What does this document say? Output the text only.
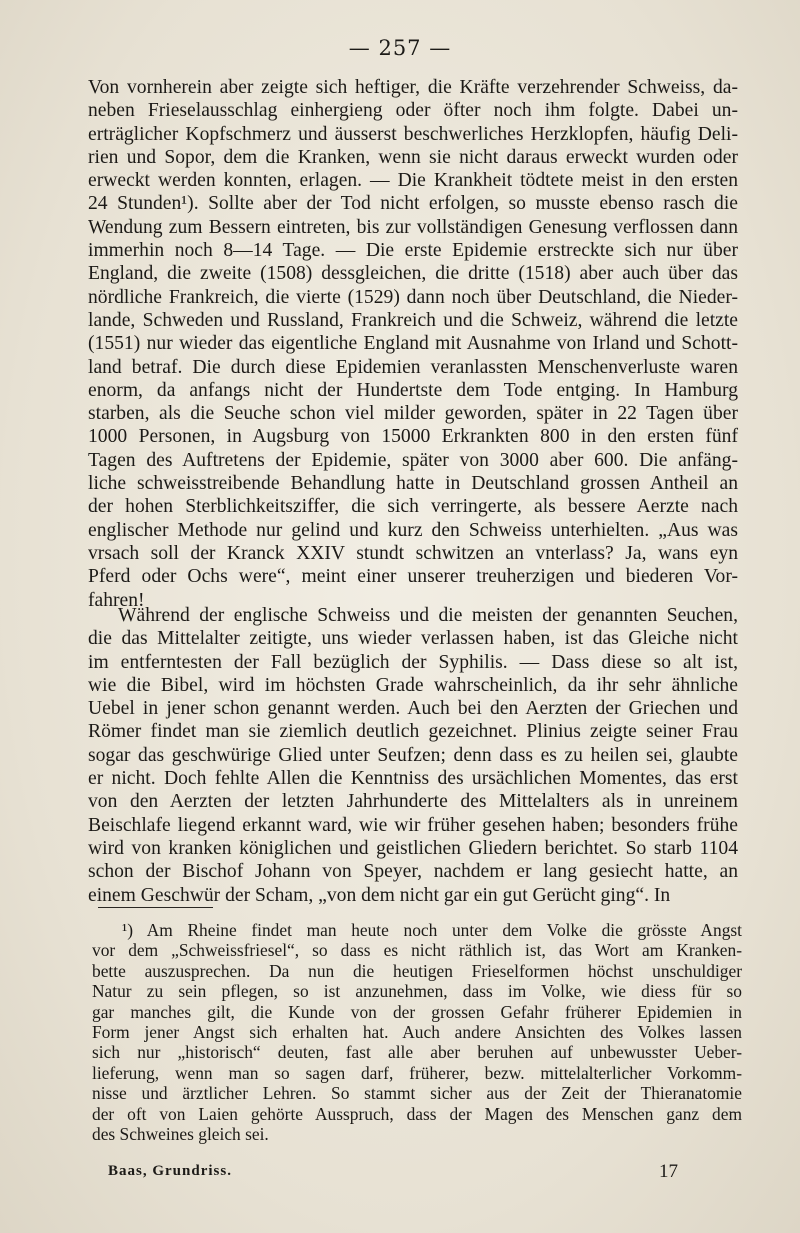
— 257 —

Von vornherein aber zeigte sich heftiger, die Kräfte verzehrender Schweiss, da-
neben Frieselausschlag einhergieng oder öfter noch ihm folgte. Dabei un-
erträglicher Kopfschmerz und äusserst beschwerliches Herzklopfen, häufig Deli-
rien und Sopor, dem die Kranken, wenn sie nicht daraus erweckt wurden oder
erweckt werden konnten, erlagen. — Die Krankheit tödtete meist in den ersten
24 Stunden¹). Sollte aber der Tod nicht erfolgen, so musste ebenso rasch die
Wendung zum Bessern eintreten, bis zur vollständigen Genesung verflossen dann
immerhin noch 8—14 Tage. — Die erste Epidemie erstreckte sich nur über
England, die zweite (1508) dessgleichen, die dritte (1518) aber auch über das
nördliche Frankreich, die vierte (1529) dann noch über Deutschland, die Nieder-
lande, Schweden und Russland, Frankreich und die Schweiz, während die letzte
(1551) nur wieder das eigentliche England mit Ausnahme von Irland und Schott-
land betraf. Die durch diese Epidemien veranlassten Menschenverluste waren
enorm, da anfangs nicht der Hundertste dem Tode entging. In Hamburg
starben, als die Seuche schon viel milder geworden, später in 22 Tagen über
1000 Personen, in Augsburg von 15000 Erkrankten 800 in den ersten fünf
Tagen des Auftretens der Epidemie, später von 3000 aber 600. Die anfäng-
liche schweisstreibende Behandlung hatte in Deutschland grossen Antheil an
der hohen Sterblichkeitsziffer, die sich verringerte, als bessere Aerzte nach
englischer Methode nur gelind und kurz den Schweiss unterhielten. „Aus was
vrsach soll der Kranck XXIV stundt schwitzen an vnterlass? Ja, wans eyn
Pferd oder Ochs were“, meint einer unserer treuherzigen und biederen Vor-
fahren!

Während der englische Schweiss und die meisten der genannten Seuchen,
die das Mittelalter zeitigte, uns wieder verlassen haben, ist das Gleiche nicht
im entferntesten der Fall bezüglich der Syphilis. — Dass diese so alt ist,
wie die Bibel, wird im höchsten Grade wahrscheinlich, da ihr sehr ähnliche
Uebel in jener schon genannt werden. Auch bei den Aerzten der Griechen und
Römer findet man sie ziemlich deutlich gezeichnet. Plinius zeigte seiner Frau
sogar das geschwürige Glied unter Seufzen; denn dass es zu heilen sei, glaubte
er nicht. Doch fehlte Allen die Kenntniss des ursächlichen Momentes, das erst
von den Aerzten der letzten Jahrhunderte des Mittelalters als in unreinem
Beischlafe liegend erkannt ward, wie wir früher gesehen haben; besonders frühe
wird von kranken königlichen und geistlichen Gliedern berichtet. So starb 1104
schon der Bischof Johann von Speyer, nachdem er lang gesiecht hatte, an
einem Geschwür der Scham, „von dem nicht gar ein gut Gerücht ging“. In

¹) Am Rheine findet man heute noch unter dem Volke die grösste Angst
vor dem „Schweissfriesel“, so dass es nicht räthlich ist, das Wort am Kranken-
bette auszusprechen. Da nun die heutigen Frieselformen höchst unschuldiger
Natur zu sein pflegen, so ist anzunehmen, dass im Volke, wie diess für so
gar manches gilt, die Kunde von der grossen Gefahr früherer Epidemien in
Form jener Angst sich erhalten hat. Auch andere Ansichten des Volkes lassen
sich nur „historisch“ deuten, fast alle aber beruhen auf unbewusster Ueber-
lieferung, wenn man so sagen darf, früherer, bezw. mittelalterlicher Vorkomm-
nisse und ärztlicher Lehren. So stammt sicher aus der Zeit der Thieranatomie
der oft von Laien gehörte Ausspruch, dass der Magen des Menschen ganz dem
des Schweines gleich sei.

Baas, Grundriss.	17
